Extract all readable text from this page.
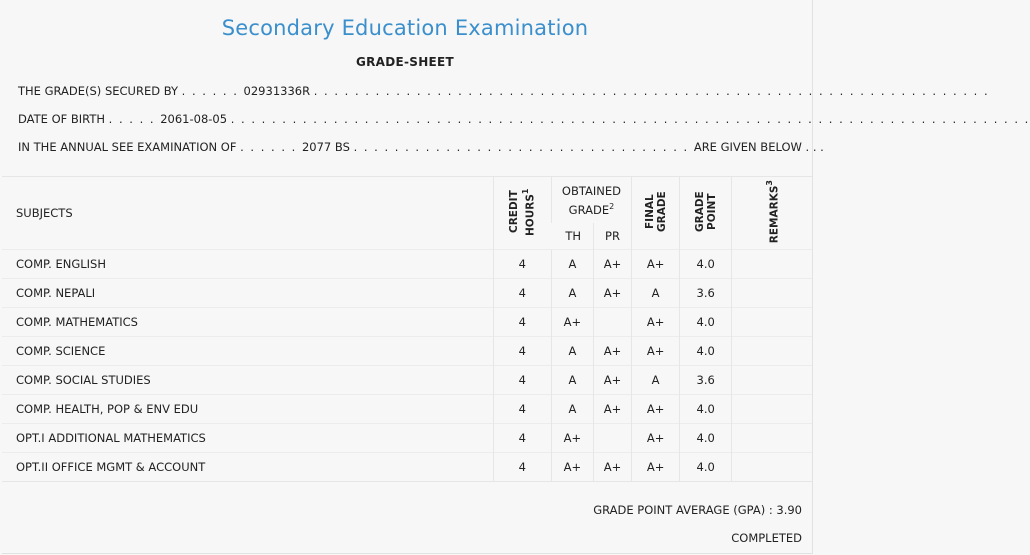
Secondary Education Examination
GRADE-SHEET
THE GRADE(S) SECURED BY . . . . . . 02931336R . . . . . . . . . . . . . . . . . . . . . . . . . . . . . . . . . . . . . . . . . . . . . . . . . . . . . . . . . . . . . . . . . .
DATE OF BIRTH . . . . . 2061-08-05 . . . . . . . . . . . . . . . . . . . . . . . . . . . . . . . . . . . . . . . . . . . . . . . . . . . . . . . . . . . . . . . . . . . . . . . . . . . . . .
IN THE ANNUAL SEE EXAMINATION OF . . . . . . 2077 BS . . . . . . . . . . . . . . . . . . . . . . . . . . . . . . . . . ARE GIVEN BELOW . . .
SUBJECTS	CREDIT HOURS$^1$	OBTAINED GRADE$^2$		FINAL GRADE	GRADE POINT	REMARKS$^3$
		TH	PR			
COMP. ENGLISH	4	A	A+	A+	4.0	
COMP. NEPALI	4	A	A+	A	3.6	
COMP. MATHEMATICS	4	A+		A+	4.0	
COMP. SCIENCE	4	A	A+	A+	4.0	
COMP. SOCIAL STUDIES	4	A	A+	A	3.6	
COMP. HEALTH, POP & ENV EDU	4	A	A+	A+	4.0	
OPT.I ADDITIONAL MATHEMATICS	4	A+		A+	4.0	
OPT.II OFFICE MGMT & ACCOUNT	4	A+	A+	A+	4.0	
GRADE POINT AVERAGE (GPA) : 3.90
COMPLETED
